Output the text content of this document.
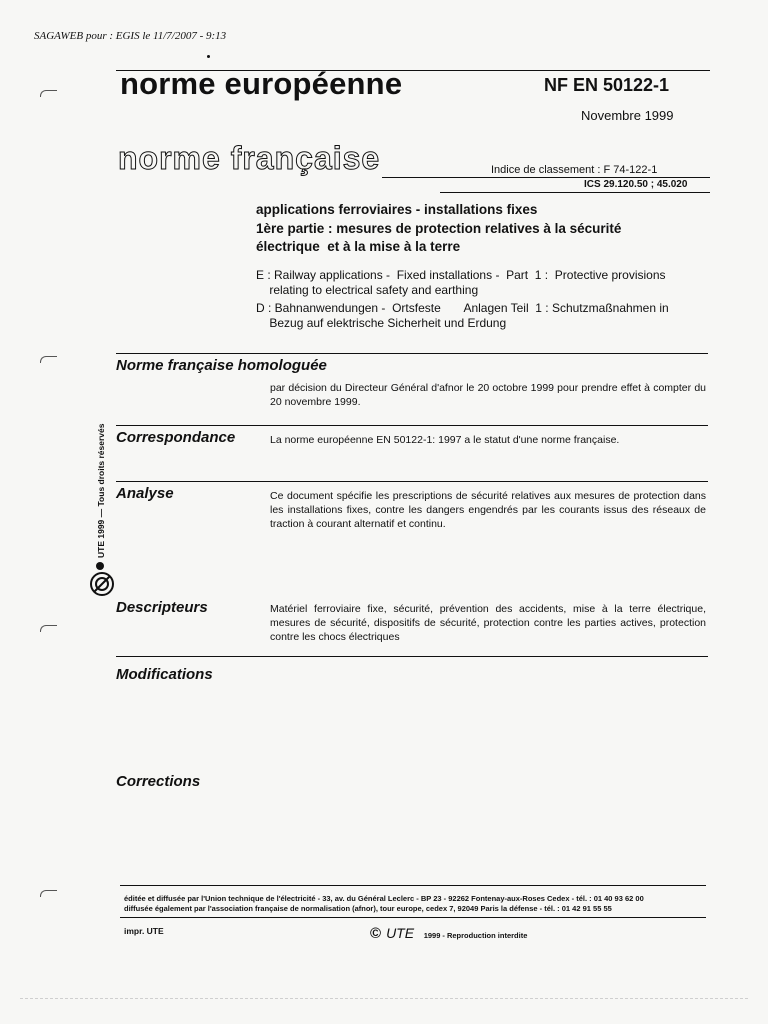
SAGAWEB pour : EGIS le 11/7/2007 - 9:13
norme européenne	NF EN 50122-1
Novembre 1999
norme française	Indice de classement : F 74-122-1
ICS 29.120.50 ; 45.020
applications ferroviaires - installations fixes
1ère partie : mesures de protection relatives à la sécurité
électrique  et à la mise à la terre
E : Railway applications -  Fixed installations -  Part  1 :  Protective provisions
relating to electrical safety and earthing
D : Bahnanwendungen -  Ortsfeste       Anlagen Teil  1 : Schutzmaßnahmen in
Bezug auf elektrische Sicherheit und Erdung
Norme française homologuée
par décision du Directeur Général d'afnor le 20 octobre 1999 pour prendre effet à compter du 20 novembre 1999.
Correspondance	La norme européenne EN 50122-1: 1997 a le statut d'une norme française.
Analyse	Ce document spécifie les prescriptions de sécurité relatives aux mesures de protection dans les installations fixes, contre les dangers engendrés par les courants issus des réseaux de traction à courant alternatif et continu.
Descripteurs	Matériel ferroviaire fixe, sécurité, prévention des accidents, mise à la terre électrique, mesures de sécurité, dispositifs de sécurité, protection contre les parties actives, protection contre les chocs électriques
Modifications
Corrections
UTE 1999 — Tous droits réservés
éditée et diffusée par l'Union technique de l'électricité - 33, av. du Général Leclerc - BP 23 - 92262 Fontenay-aux-Roses Cedex - tél. : 01 40 93 62 00
diffusée également par l'association française de normalisation (afnor), tour europe, cedex 7, 92049 Paris la défense - tél. : 01 42 91 55 55
impr. UTE	© UTE 1999 - Reproduction interdite
